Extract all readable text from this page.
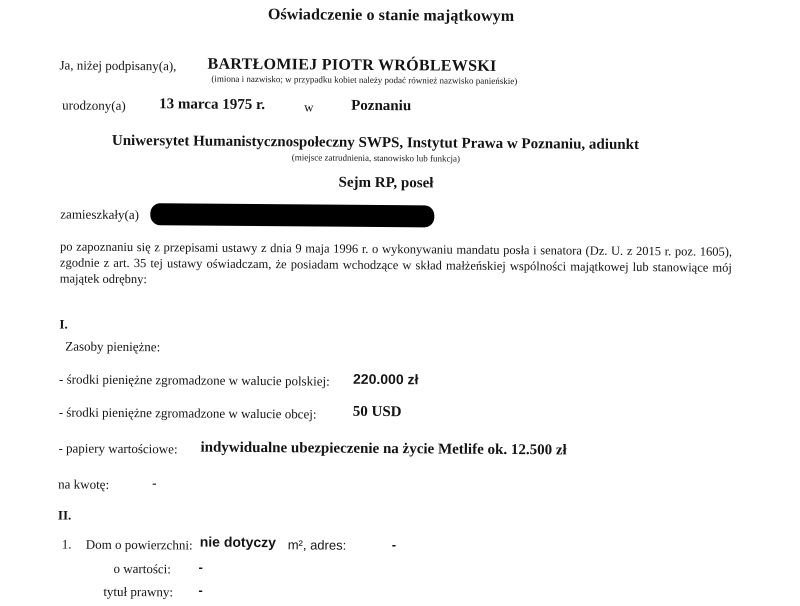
Oświadczenie o stanie majątkowym
Ja, niżej podpisany(a), BARTŁOMIEJ PIOTR WRÓBLEWSKI
(imiona i nazwisko; w przypadku kobiet należy podać również nazwisko panieńskie)
urodzony(a) 13 marca 1975 r.	w Poznaniu
Uniwersytet Humanistycznospołeczny SWPS, Instytut Prawa w Poznaniu, adiunkt
(miejsce zatrudnienia, stanowisko lub funkcja)
Sejm RP, poseł
zamieszkały(a)
po zapoznaniu się z przepisami ustawy z dnia 9 maja 1996 r. o wykonywaniu mandatu posła i senatora (Dz. U. z 2015 r. poz. 1605), zgodnie z art. 35 tej ustawy oświadczam, że posiadam wchodzące w skład małżeńskiej wspólności majątkowej lub stanowiące mój majątek odrębny:
I.
Zasoby pieniężne:
- środki pieniężne zgromadzone w walucie polskiej: 220.000 zł
- środki pieniężne zgromadzone w walucie obcej: 50 USD
- papiery wartościowe: indywidualne ubezpieczenie na życie Metlife ok. 12.500 zł
na kwotę:	-
II.
1. Dom o powierzchni: nie dotyczy m², adres:	-
o wartości: -
tytuł prawny: -
